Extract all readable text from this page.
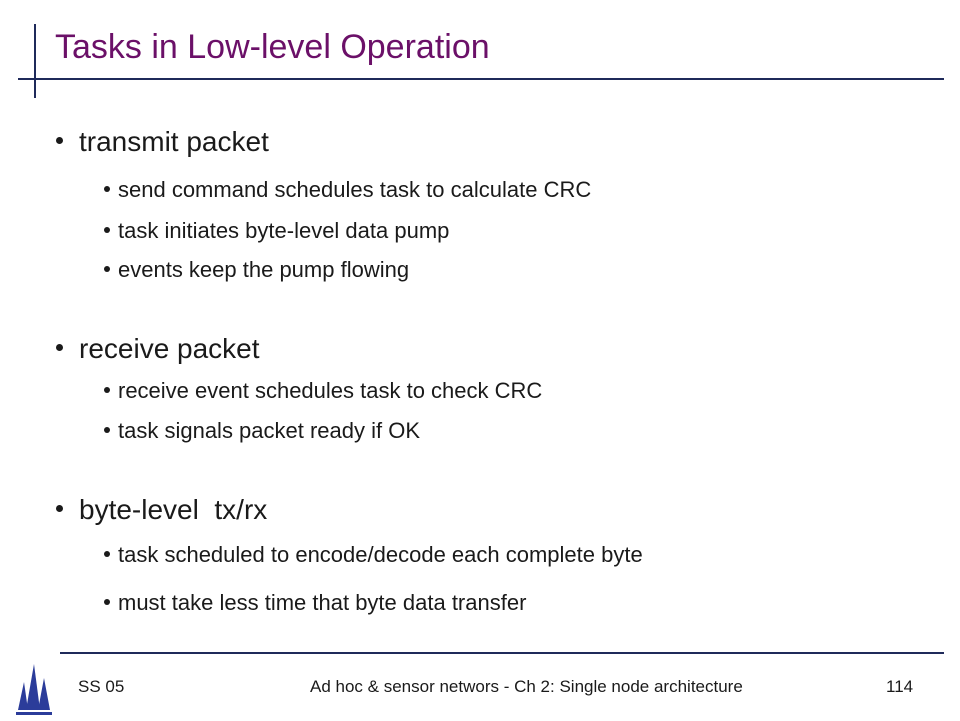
Tasks in Low-level Operation
transmit packet
send command schedules task to calculate CRC
task initiates byte-level data pump
events keep the pump flowing
receive packet
receive event schedules task to check CRC
task signals packet ready if OK
byte-level  tx/rx
task scheduled to encode/decode each complete byte
must take less time that byte data transfer
SS 05	Ad hoc & sensor networs - Ch 2: Single node architecture	114
